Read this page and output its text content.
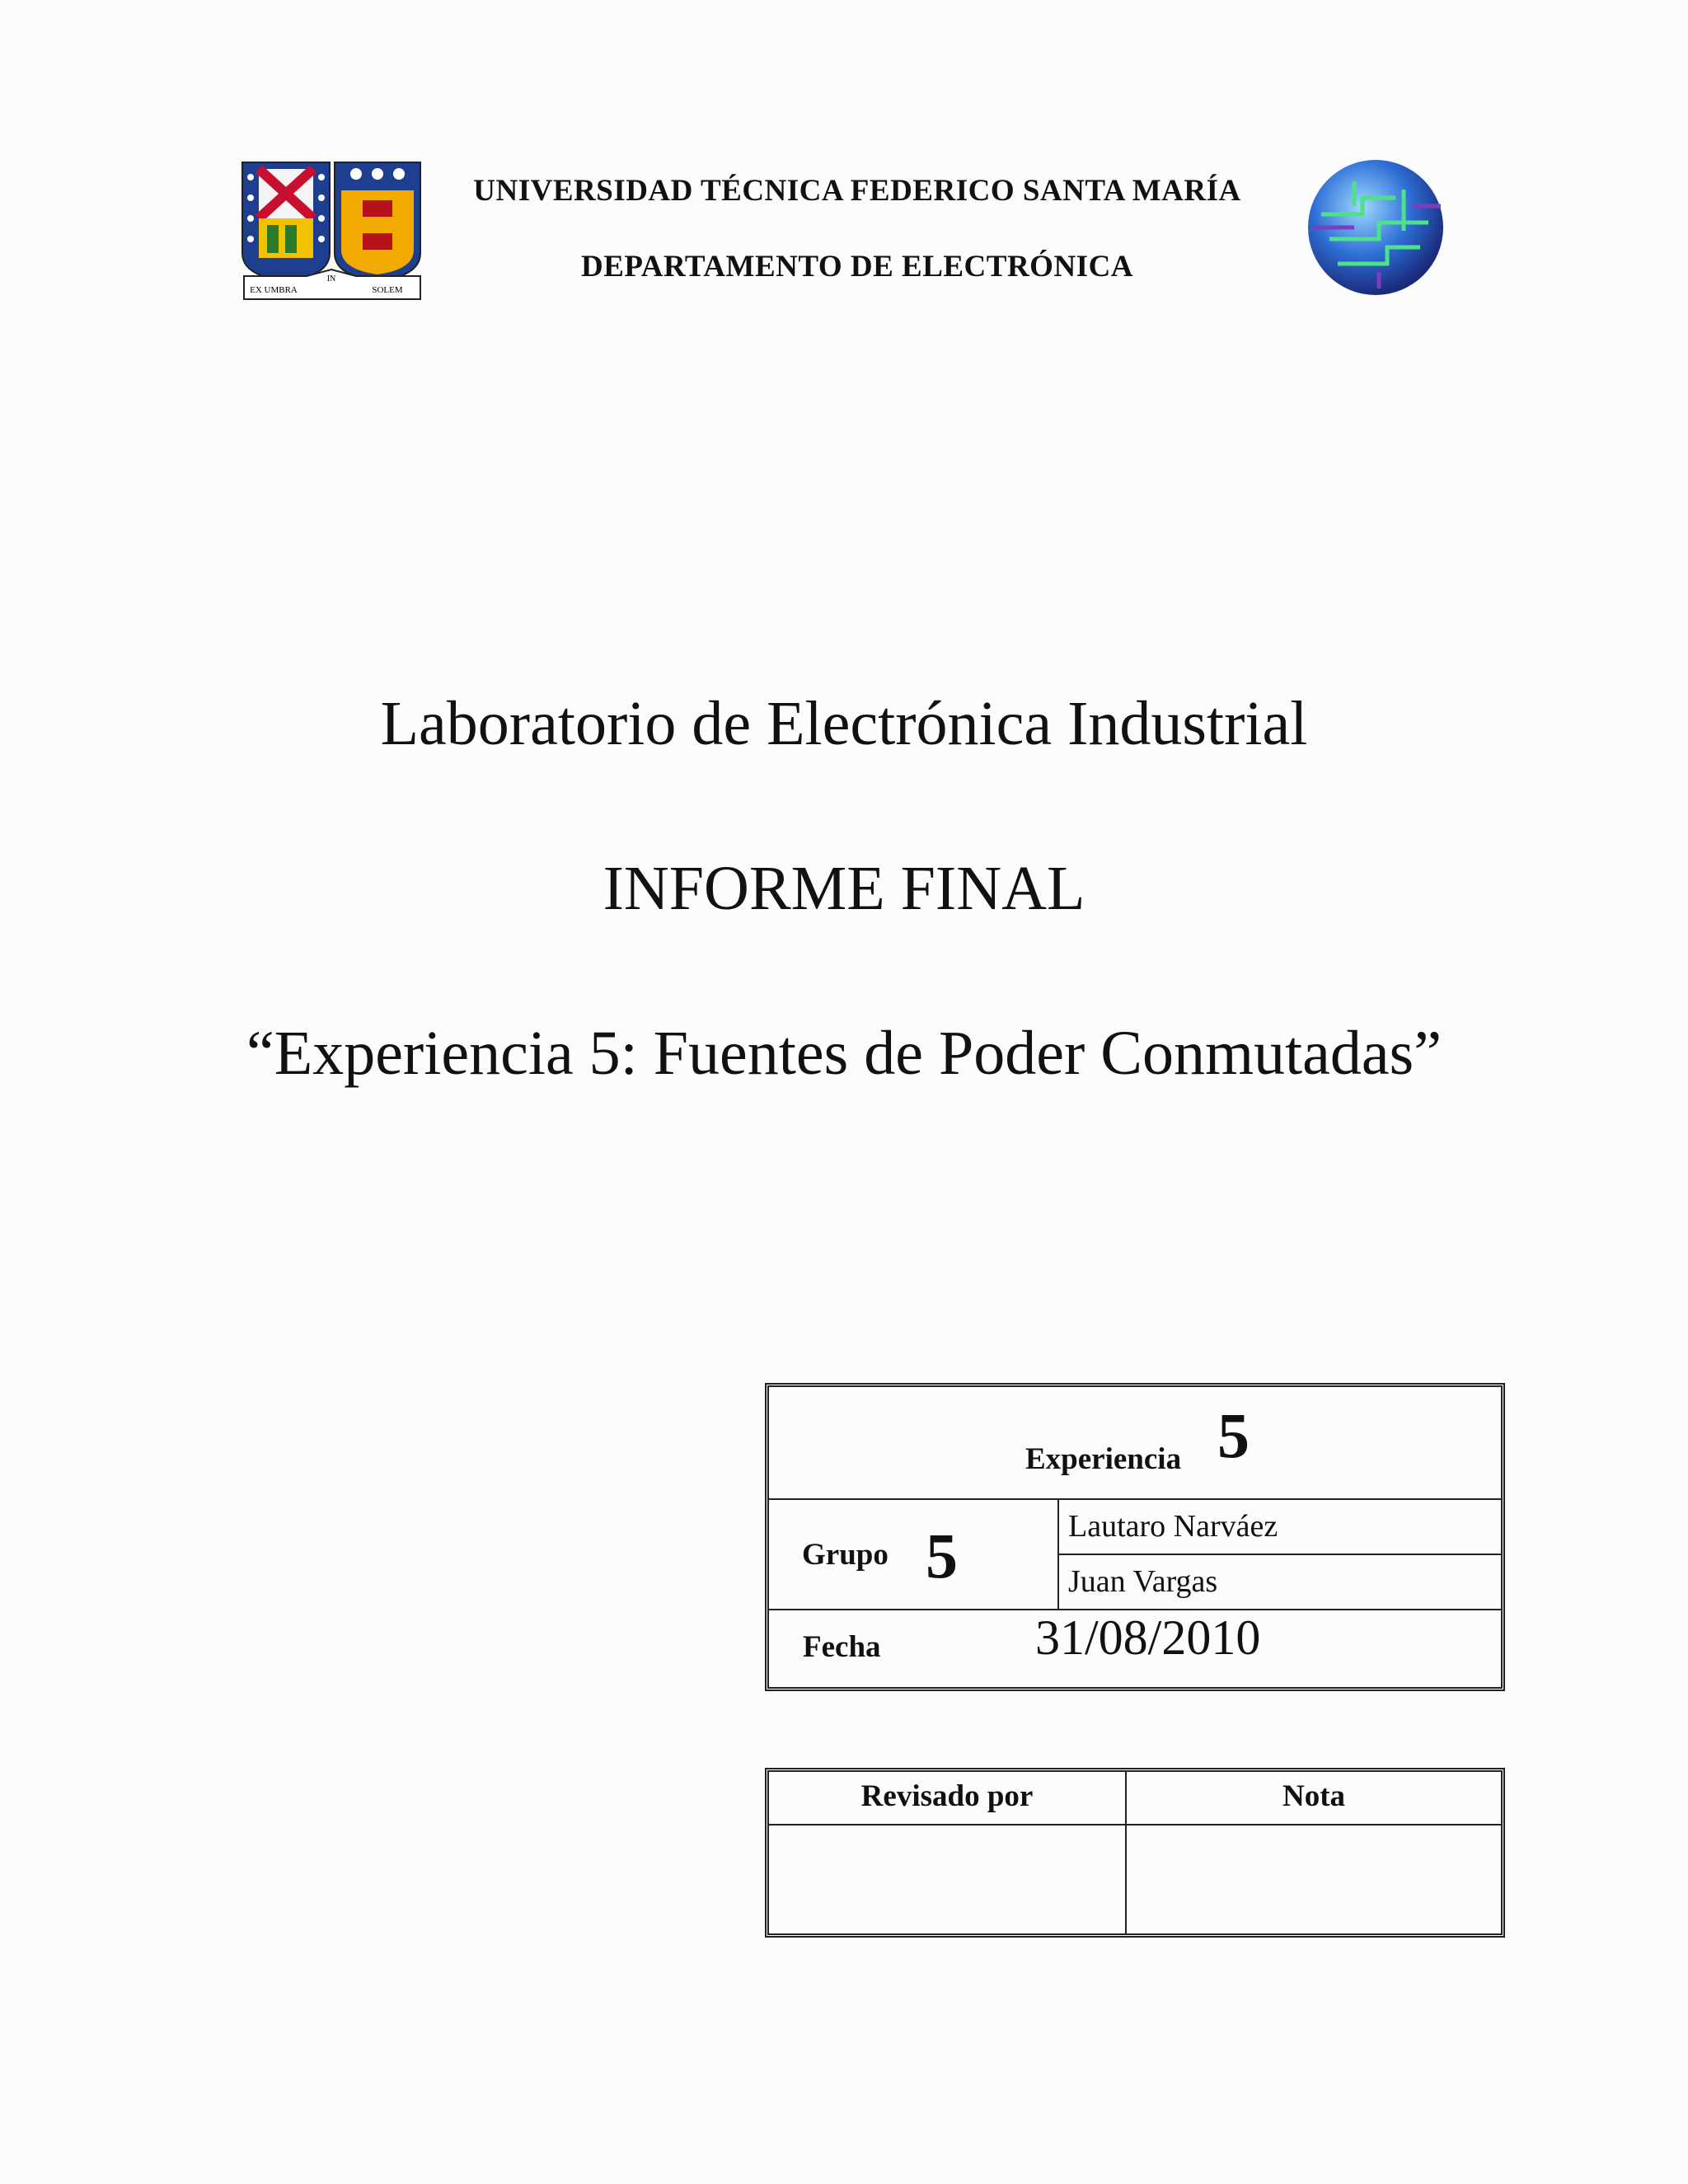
EX UMBRA
IN
SOLEM
UNIVERSIDAD TÉCNICA FEDERICO SANTA MARÍA
DEPARTAMENTO DE ELECTRÓNICA
Laboratorio de Electrónica Industrial
INFORME FINAL
“Experiencia 5: Fuentes de Poder Conmutadas”
Experiencia 5
Grupo 5	Lautaro Narváez
Juan Vargas
Fecha	31/08/2010
Revisado por	Nota
